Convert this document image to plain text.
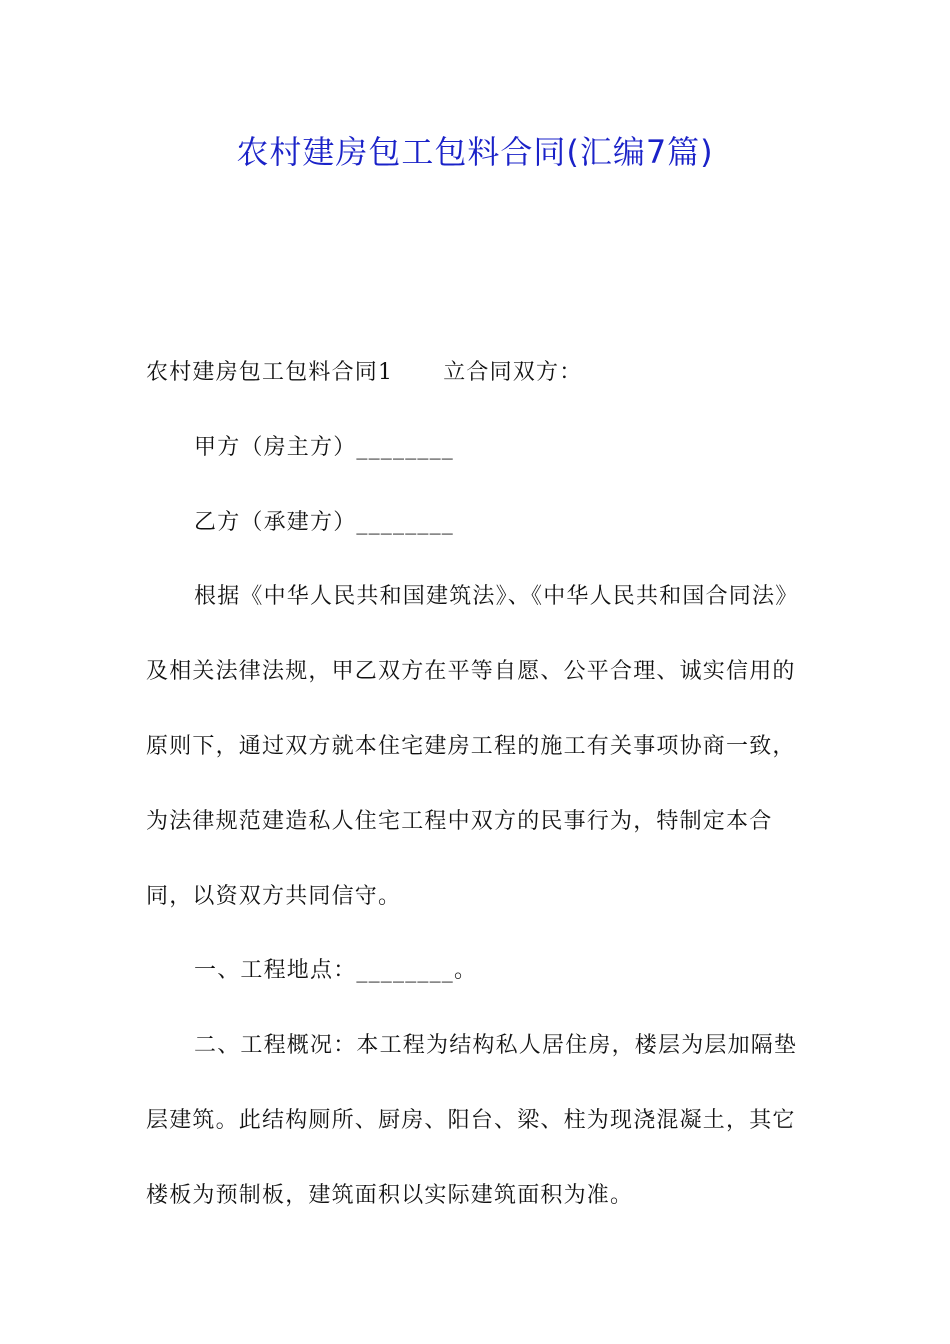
农村建房包工包料合同(汇编7篇)

农村建房包工包料合同1 立合同双方：

甲方（房主方）________

乙方（承建方）________

根据《中华人民共和国建筑法》、《中华人民共和国合同法》及相关法律法规，甲乙双方在平等自愿、公平合理、诚实信用的原则下，通过双方就本住宅建房工程的施工有关事项协商一致，为法律规范建造私人住宅工程中双方的民事行为，特制定本合同，以资双方共同信守。

一、工程地点：________。

二、工程概况：本工程为结构私人居住房，楼层为层加隔垫层建筑。此结构厕所、厨房、阳台、梁、柱为现浇混凝土，其它楼板为预制板，建筑面积以实际建筑面积为准。
